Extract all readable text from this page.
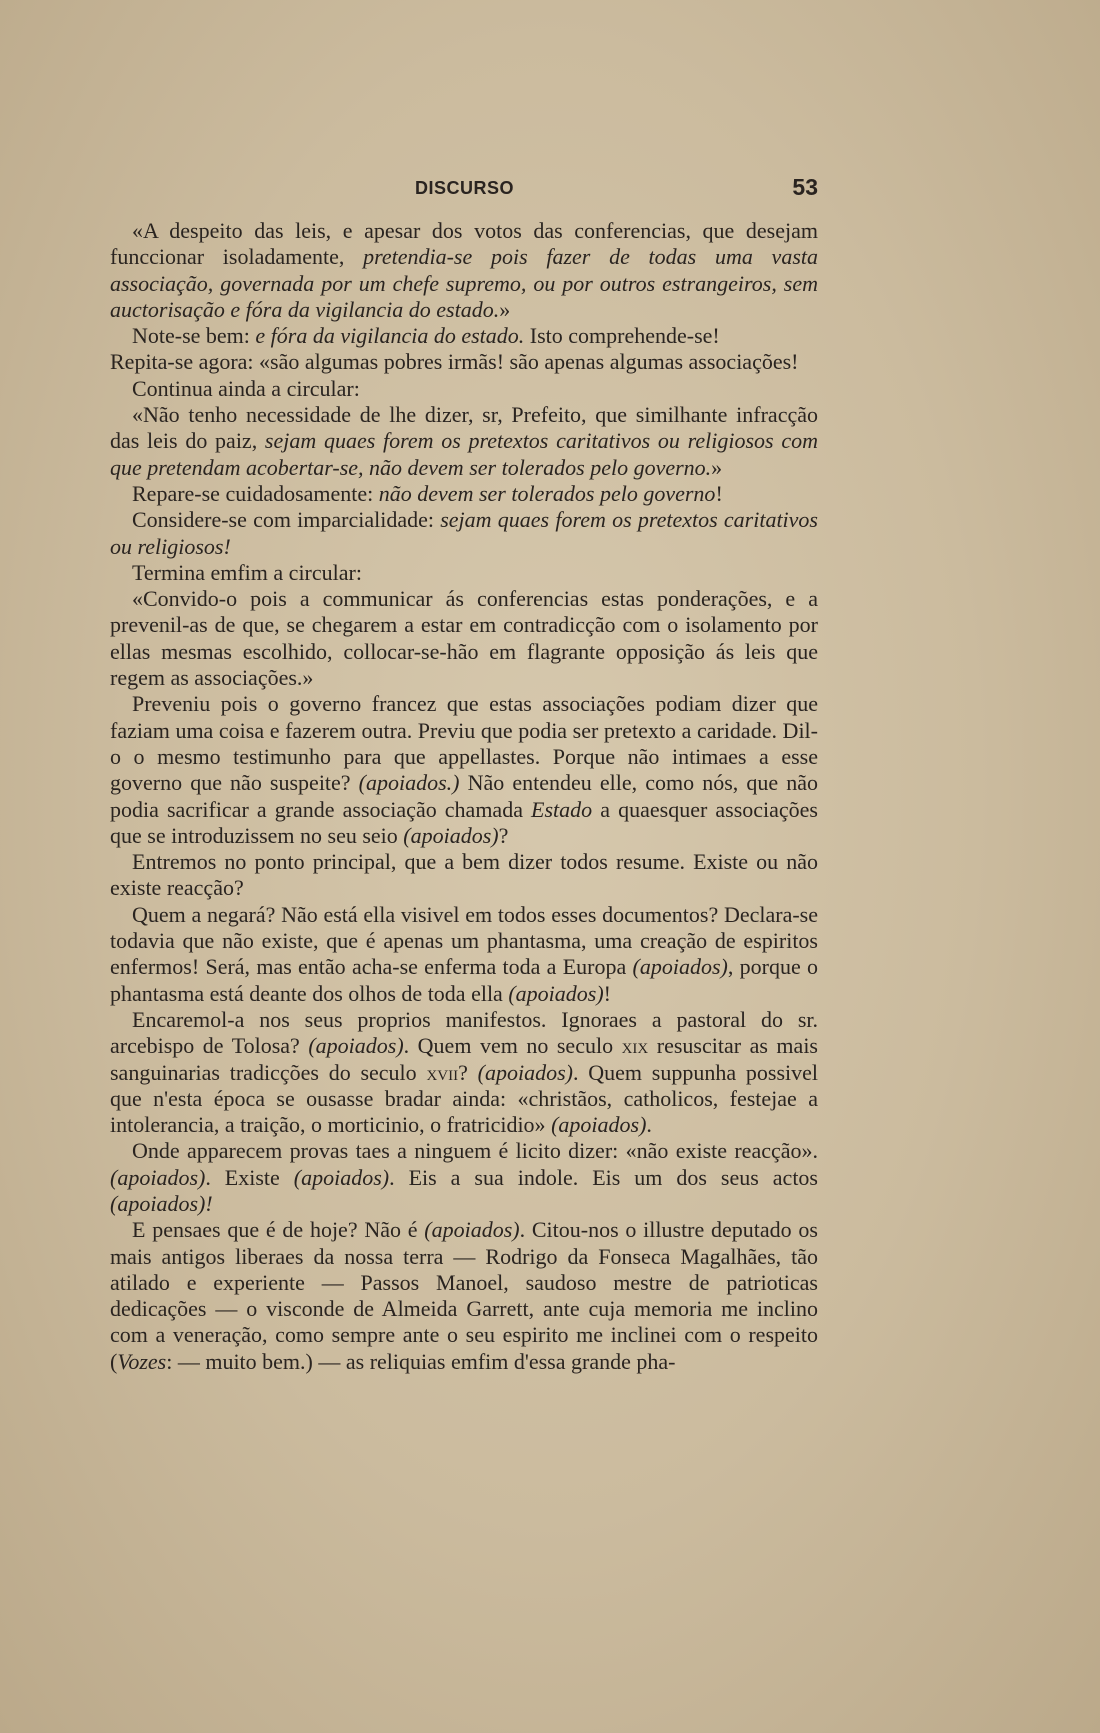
DISCURSO	53

«A despeito das leis, e apesar dos votos das conferencias, que desejam funccionar isoladamente, pretendia-se pois fazer de todas uma vasta associação, governada por um chefe supremo, ou por outros estrangeiros, sem auctorisação e fóra da vigilancia do estado.»

Note-se bem: e fóra da vigilancia do estado. Isto comprehende-se!

Repita-se agora: «são algumas pobres irmãs! são apenas algumas associações!

Continua ainda a circular:

«Não tenho necessidade de lhe dizer, sr, Prefeito, que similhante infracção das leis do paiz, sejam quaes forem os pretextos caritativos ou religiosos com que pretendam acobertar-se, não devem ser tolerados pelo governo.»

Repare-se cuidadosamente: não devem ser tolerados pelo governo!

Considere-se com imparcialidade: sejam quaes forem os pretextos caritativos ou religiosos!

Termina emfim a circular:

«Convido-o pois a communicar ás conferencias estas ponderações, e a prevenil-as de que, se chegarem a estar em contradicção com o isolamento por ellas mesmas escolhido, collocar-se-hão em flagrante opposição ás leis que regem as associações.»

Preveniu pois o governo francez que estas associações podiam dizer que faziam uma coisa e fazerem outra. Previu que podia ser pretexto a caridade. Dil-o o mesmo testimunho para que appellastes. Porque não intimaes a esse governo que não suspeite? (apoiados.) Não entendeu elle, como nós, que não podia sacrificar a grande associação chamada Estado a quaesquer associações que se introduzissem no seu seio (apoiados)?

Entremos no ponto principal, que a bem dizer todos resume. Existe ou não existe reacção?

Quem a negará? Não está ella visivel em todos esses documentos? Declara-se todavia que não existe, que é apenas um phantasma, uma creação de espiritos enfermos! Será, mas então acha-se enferma toda a Europa (apoiados), porque o phantasma está deante dos olhos de toda ella (apoiados)!

Encaremol-a nos seus proprios manifestos. Ignoraes a pastoral do sr. arcebispo de Tolosa? (apoiados). Quem vem no seculo xix resuscitar as mais sanguinarias tradicções do seculo xvii? (apoiados). Quem suppunha possivel que n'esta época se ousasse bradar ainda: «christãos, catholicos, festejae a intolerancia, a traição, o morticinio, o fratricidio» (apoiados).

Onde apparecem provas taes a ninguem é licito dizer: «não existe reacção». (apoiados). Existe (apoiados). Eis a sua indole. Eis um dos seus actos (apoiados)!

E pensaes que é de hoje? Não é (apoiados). Citou-nos o illustre deputado os mais antigos liberaes da nossa terra — Rodrigo da Fonseca Magalhães, tão atilado e experiente — Passos Manoel, saudoso mestre de patrioticas dedicações — o visconde de Almeida Garrett, ante cuja memoria me inclino com a veneração, como sempre ante o seu espirito me inclinei com o respeito (Vozes: — muito bem.) — as reliquias emfim d'essa grande pha-
